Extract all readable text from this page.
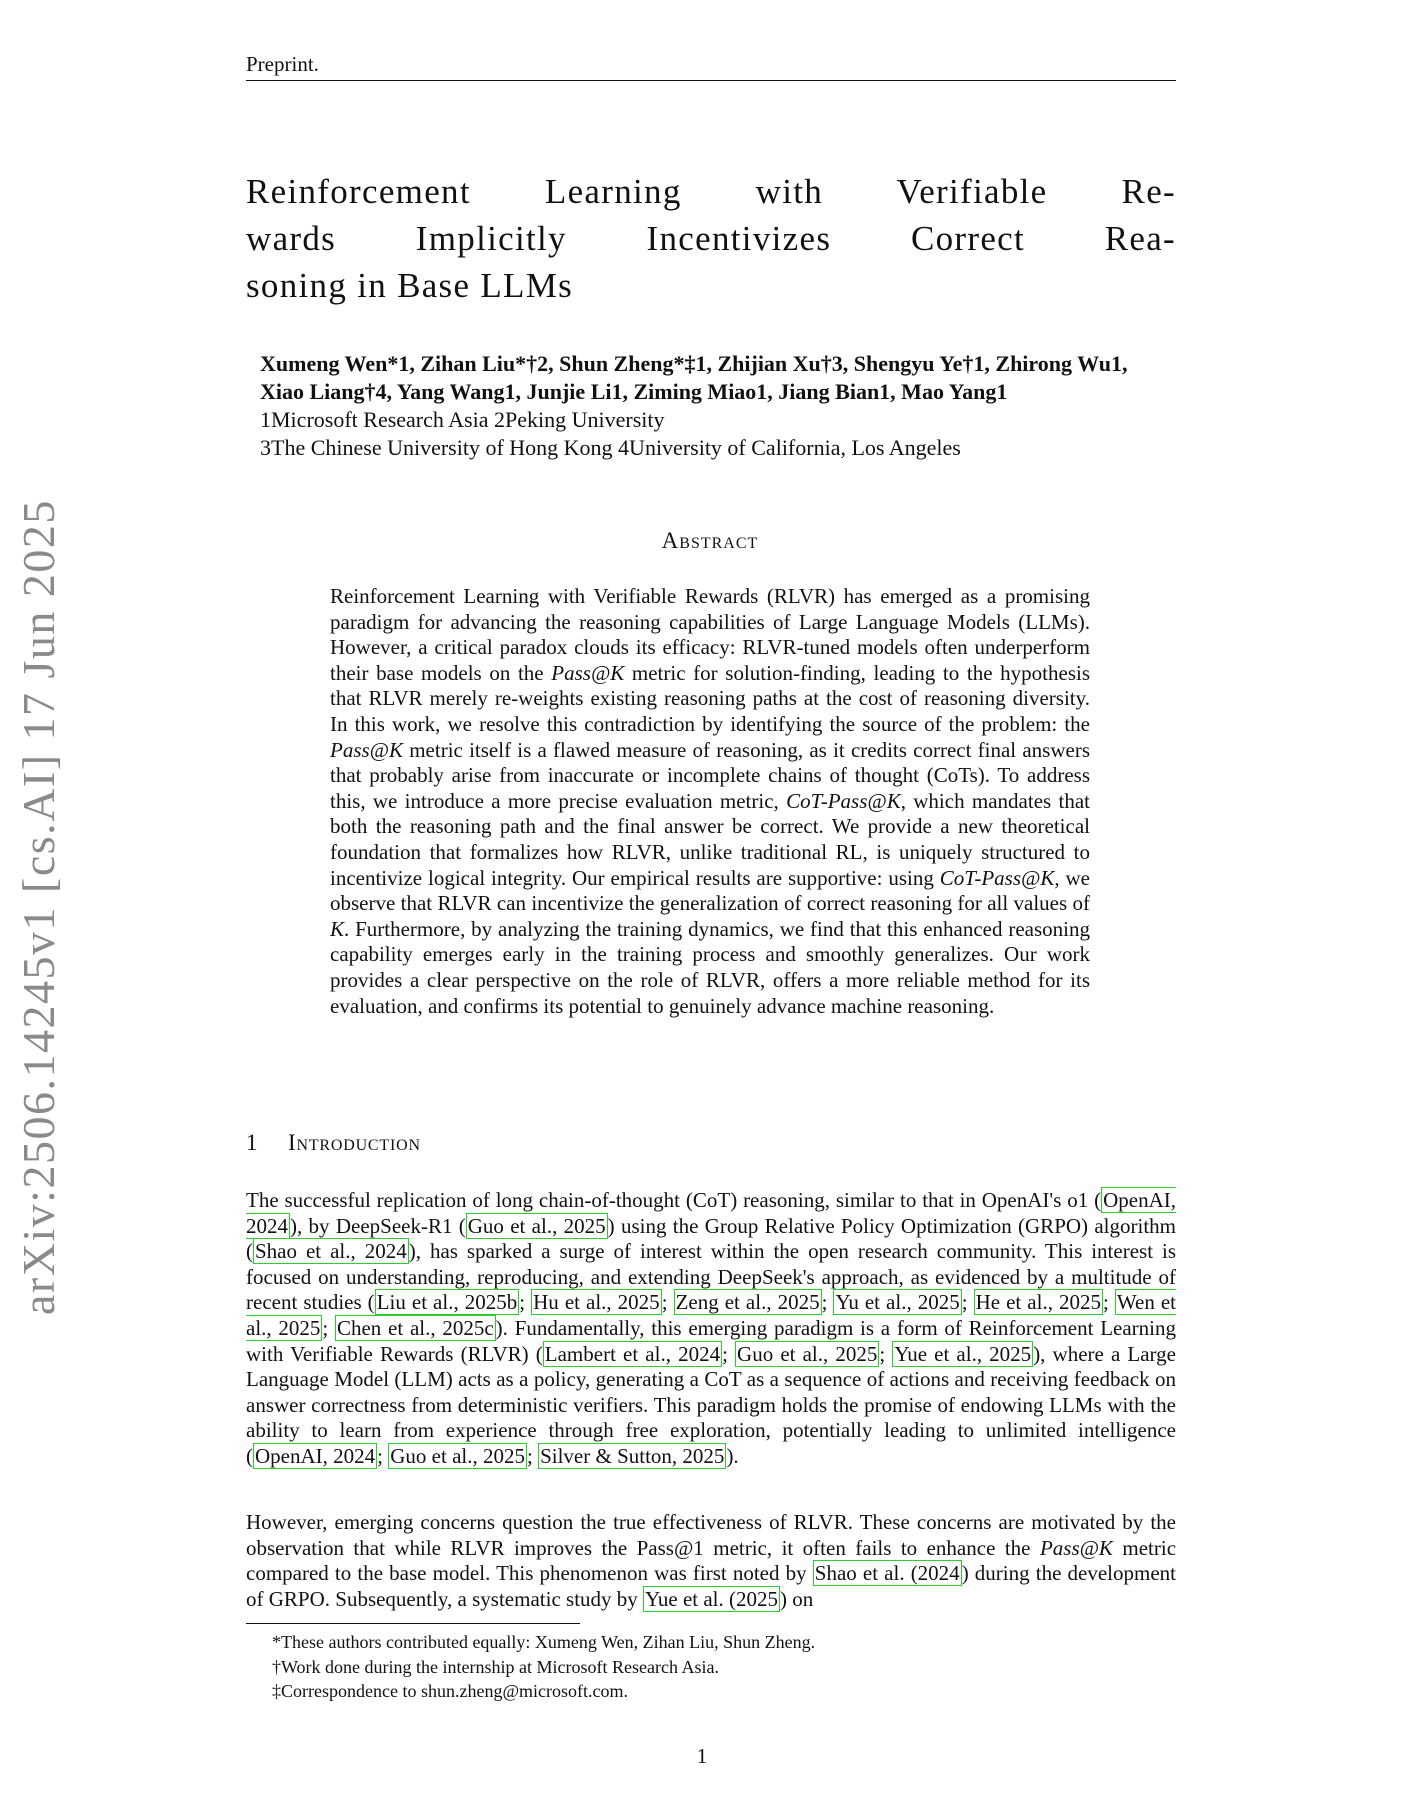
Preprint.
arXiv:2506.14245v1 [cs.AI] 17 Jun 2025
Reinforcement Learning with Verifiable Re-
wards Implicitly Incentivizes Correct Rea-
soning in Base LLMs
Xumeng Wen*1, Zihan Liu*†2, Shun Zheng*‡1, Zhijian Xu†3, Shengyu Ye†1, Zhirong Wu1,
Xiao Liang†4, Yang Wang1, Junjie Li1, Ziming Miao1, Jiang Bian1, Mao Yang1
1Microsoft Research Asia 2Peking University
3The Chinese University of Hong Kong 4University of California, Los Angeles
Abstract
Reinforcement Learning with Verifiable Rewards (RLVR) has emerged as a promising paradigm for advancing the reasoning capabilities of Large Language Models (LLMs). However, a critical paradox clouds its efficacy: RLVR-tuned models often underperform their base models on the Pass@K metric for solution-finding, leading to the hypothesis that RLVR merely re-weights existing reasoning paths at the cost of reasoning diversity. In this work, we resolve this contradiction by identifying the source of the problem: the Pass@K metric itself is a flawed measure of reasoning, as it credits correct final answers that probably arise from inaccurate or incomplete chains of thought (CoTs). To address this, we introduce a more precise evaluation metric, CoT-Pass@K, which mandates that both the reasoning path and the final answer be correct. We provide a new theoretical foundation that formalizes how RLVR, unlike traditional RL, is uniquely structured to incentivize logical integrity. Our empirical results are supportive: using CoT-Pass@K, we observe that RLVR can incentivize the generalization of correct reasoning for all values of K. Furthermore, by analyzing the training dynamics, we find that this enhanced reasoning capability emerges early in the training process and smoothly generalizes. Our work provides a clear perspective on the role of RLVR, offers a more reliable method for its evaluation, and confirms its potential to genuinely advance machine reasoning.
1 Introduction
The successful replication of long chain-of-thought (CoT) reasoning, similar to that in OpenAI's o1 (OpenAI, 2024), by DeepSeek-R1 (Guo et al., 2025) using the Group Relative Policy Optimization (GRPO) algorithm (Shao et al., 2024), has sparked a surge of interest within the open research community. This interest is focused on understanding, reproducing, and extending DeepSeek's approach, as evidenced by a multitude of recent studies (Liu et al., 2025b; Hu et al., 2025; Zeng et al., 2025; Yu et al., 2025; He et al., 2025; Wen et al., 2025; Chen et al., 2025c). Fundamentally, this emerging paradigm is a form of Reinforcement Learning with Verifiable Rewards (RLVR) (Lambert et al., 2024; Guo et al., 2025; Yue et al., 2025), where a Large Language Model (LLM) acts as a policy, generating a CoT as a sequence of actions and receiving feedback on answer correctness from deterministic verifiers. This paradigm holds the promise of endowing LLMs with the ability to learn from experience through free exploration, potentially leading to unlimited intelligence (OpenAI, 2024; Guo et al., 2025; Silver & Sutton, 2025).
However, emerging concerns question the true effectiveness of RLVR. These concerns are motivated by the observation that while RLVR improves the Pass@1 metric, it often fails to enhance the Pass@K metric compared to the base model. This phenomenon was first noted by Shao et al. (2024) during the development of GRPO. Subsequently, a systematic study by Yue et al. (2025) on
*These authors contributed equally: Xumeng Wen, Zihan Liu, Shun Zheng.
†Work done during the internship at Microsoft Research Asia.
‡Correspondence to shun.zheng@microsoft.com.
1
